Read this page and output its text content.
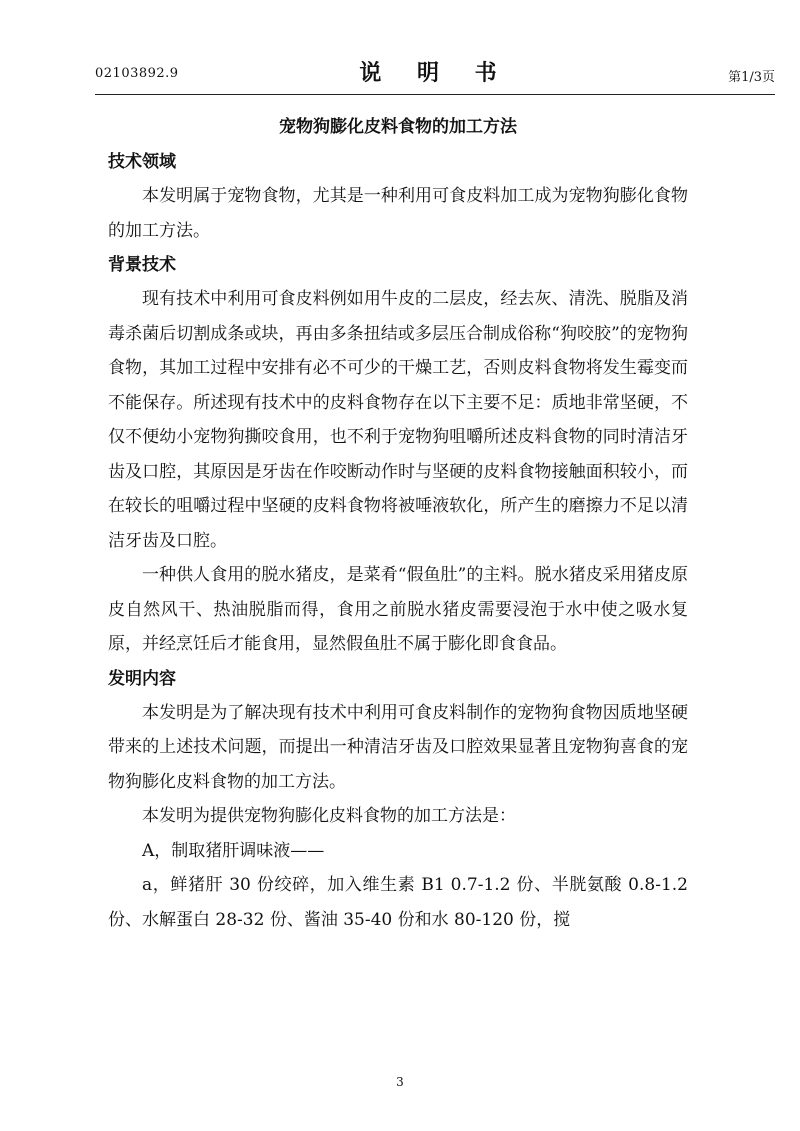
02103892.9	说 明 书	第1/3页

宠物狗膨化皮料食物的加工方法

技术领域

本发明属于宠物食物，尤其是一种利用可食皮料加工成为宠物狗膨化食物的加工方法。

背景技术

现有技术中利用可食皮料例如用牛皮的二层皮，经去灰、清洗、脱脂及消毒杀菌后切割成条或块，再由多条扭结或多层压合制成俗称“狗咬胶”的宠物狗食物，其加工过程中安排有必不可少的干燥工艺，否则皮料食物将发生霉变而不能保存。所述现有技术中的皮料食物存在以下主要不足：质地非常坚硬，不仅不便幼小宠物狗撕咬食用，也不利于宠物狗咀嚼所述皮料食物的同时清洁牙齿及口腔，其原因是牙齿在作咬断动作时与坚硬的皮料食物接触面积较小，而在较长的咀嚼过程中坚硬的皮料食物将被唾液软化，所产生的磨擦力不足以清洁牙齿及口腔。

一种供人食用的脱水猪皮，是菜肴“假鱼肚”的主料。脱水猪皮采用猪皮原皮自然风干、热油脱脂而得，食用之前脱水猪皮需要浸泡于水中使之吸水复原，并经烹饪后才能食用，显然假鱼肚不属于膨化即食食品。

发明内容

本发明是为了解决现有技术中利用可食皮料制作的宠物狗食物因质地坚硬带来的上述技术问题，而提出一种清洁牙齿及口腔效果显著且宠物狗喜食的宠物狗膨化皮料食物的加工方法。

本发明为提供宠物狗膨化皮料食物的加工方法是：

A，制取猪肝调味液——

a，鲜猪肝 30 份绞碎，加入维生素 B1 0.7-1.2 份、半胱氨酸 0.8-1.2 份、水解蛋白 28-32 份、酱油 35-40 份和水 80-120 份，搅

3
